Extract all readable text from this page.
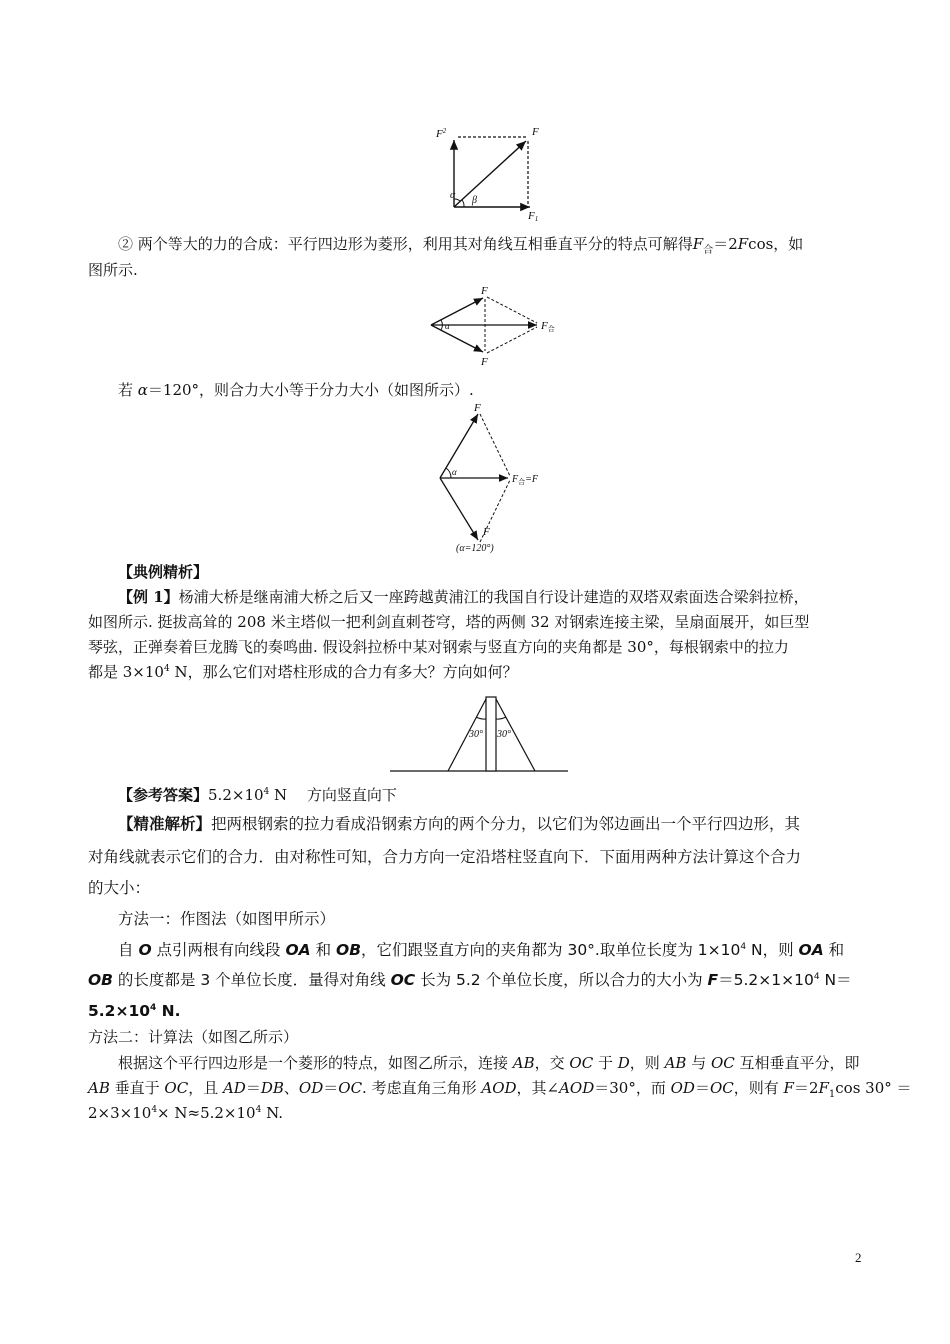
$F^2$	F
α β
F1
② 两个等大的力的合成：平行四边形为菱形，利用其对角线互相垂直平分的特点可解得$F_合=2Fcos$，如
图所示.
F
α	F合
F
若 α＝120°，则合力大小等于分力大小（如图所示）.
F
α
$F_合=F$
F
(α=120°)
【典例精析】
【例 1】杨浦大桥是继南浦大桥之后又一座跨越黄浦江的我国自行设计建造的双塔双索面迭合梁斜拉桥，
如图所示. 挺拔高耸的 208 米主塔似一把利剑直刺苍穹，塔的两侧 32 对钢索连接主梁，呈扇面展开，如巨型
琴弦，正弹奏着巨龙腾飞的奏鸣曲. 假设斜拉桥中某对钢索与竖直方向的夹角都是 30°，每根钢索中的拉力
都是 $3\times 10^4$ N，那么它们对塔柱形成的合力有多大？方向如何？
30° 30°
【参考答案】$5.2\times 10^4$ N　 方向竖直向下
【精准解析】把两根钢索的拉力看成沿钢索方向的两个分力，以它们为邻边画出一个平行四边形，其
对角线就表示它们的合力．由对称性可知，合力方向一定沿塔柱竖直向下．下面用两种方法计算这个合力
的大小：
方法一：作图法（如图甲所示）
自 O 点引两根有向线段 OA 和 OB，它们跟竖直方向的夹角都为 30°.取单位长度为 $1\times 10^4$ N，则 OA 和
OB 的长度都是 3 个单位长度．量得对角线 OC 长为 5.2 个单位长度，所以合力的大小为 $F=5.2\times 1\times 10^4$ N＝
$5.2\times 10^4$ N.
方法二：计算法（如图乙所示）
根据这个平行四边形是一个菱形的特点，如图乙所示，连接 AB，交 OC 于 D，则 AB 与 OC 互相垂直平分，即
AB 垂直于 OC，且 AD＝DB、OD＝OC. 考虑直角三角形 AOD，其∠AOD＝30°，而 OD＝OC，则有 $F=2F_1\cos$ 30° ＝
$2\times 3\times 10^4\times N\approx 5.2\times 10^4$ N.
2
